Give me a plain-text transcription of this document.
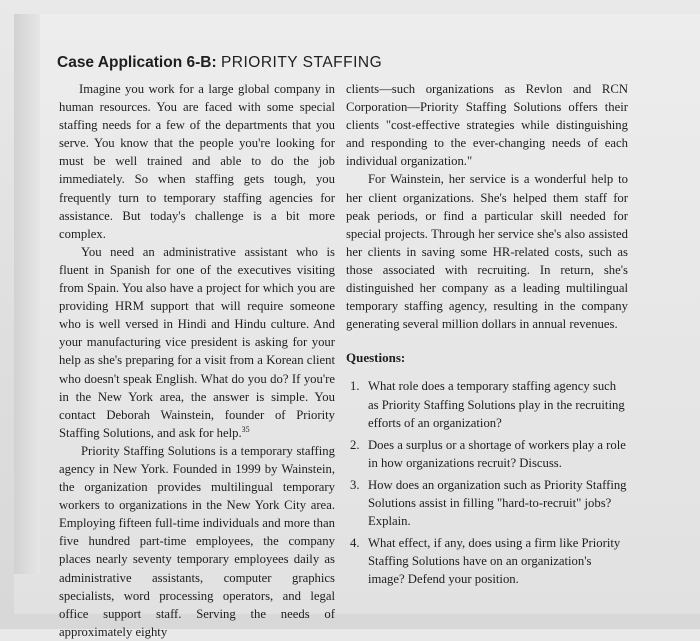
Case Application 6-B: PRIORITY STAFFING

Imagine you work for a large global company in human resources. You are faced with some special staffing needs for a few of the departments that you serve. You know that the people you're looking for must be well trained and able to do the job immediately. So when staffing gets tough, you frequently turn to temporary staffing agencies for assistance. But today's challenge is a bit more complex.

You need an administrative assistant who is fluent in Spanish for one of the executives visiting from Spain. You also have a project for which you are providing HRM support that will require someone who is well versed in Hindi and Hindu culture. And your manufacturing vice president is asking for your help as she's preparing for a visit from a Korean client who doesn't speak English. What do you do? If you're in the New York area, the answer is simple. You contact Deborah Wainstein, founder of Priority Staffing Solutions, and ask for help.$^{35}$

Priority Staffing Solutions is a temporary staffing agency in New York. Founded in 1999 by Wainstein, the organization provides multilingual temporary workers to organizations in the New York City area. Employing fifteen full-time individuals and more than five hundred part-time employees, the company places nearly seventy temporary employees daily as administrative assistants, computer graphics specialists, word processing operators, and legal office support staff. Serving the needs of approximately eighty

clients—such organizations as Revlon and RCN Corporation—Priority Staffing Solutions offers their clients "cost-effective strategies while distinguishing and responding to the ever-changing needs of each individual organization."

For Wainstein, her service is a wonderful help to her client organizations. She's helped them staff for peak periods, or find a particular skill needed for special projects. Through her service she's also assisted her clients in saving some HR-related costs, such as those associated with recruiting. In return, she's distinguished her company as a leading multilingual temporary staffing agency, resulting in the company generating several million dollars in annual revenues.

Questions:

1. What role does a temporary staffing agency such as Priority Staffing Solutions play in the recruiting efforts of an organization?
2. Does a surplus or a shortage of workers play a role in how organizations recruit? Discuss.
3. How does an organization such as Priority Staffing Solutions assist in filling "hard-to-recruit" jobs? Explain.
4. What effect, if any, does using a firm like Priority Staffing Solutions have on an organization's image? Defend your position.
